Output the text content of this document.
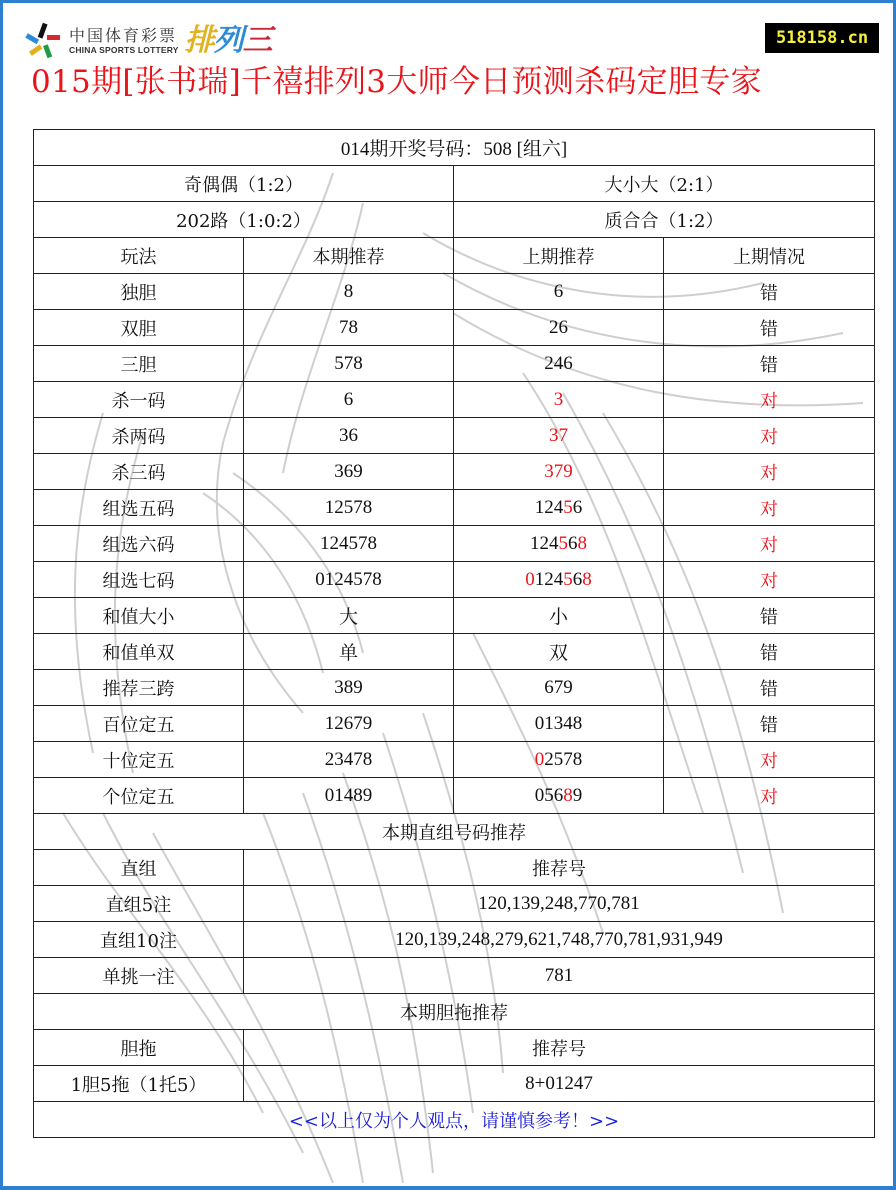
中国体育彩票
CHINA SPORTS LOTTERY 排 列 三	518158.cn
015期[张书瑞]千禧排列3大师今日预测杀码定胆专家
014期开奖号码：508 [组六]			
奇偶偶（1:2）		大小大（2:1）	
202路（1:0:2）		质合合（1:2）	
玩法	本期推荐	上期推荐	上期情况
独胆	8	6	错
双胆	78	26	错
三胆	578	246	错
杀一码	6	3	对
杀两码	36	37	对
杀三码	369	379	对
组选五码	12578	12456	对
组选六码	124578	124568	对
组选七码	0124578	0124568	对
和值大小	大	小	错
和值单双	单	双	错
推荐三跨	389	679	错
百位定五	12679	01348	错
十位定五	23478	02578	对
个位定五	01489	05689	对
本期直组号码推荐			
直组	推荐号		
直组5注	120,139,248,770,781		
直组10注	120,139,248,279,621,748,770,781,931,949		
单挑一注	781		
本期胆拖推荐			
胆拖	推荐号		
1胆5拖（1托5）	8+01247		
<<以上仅为个人观点，请谨慎参考！>>			
